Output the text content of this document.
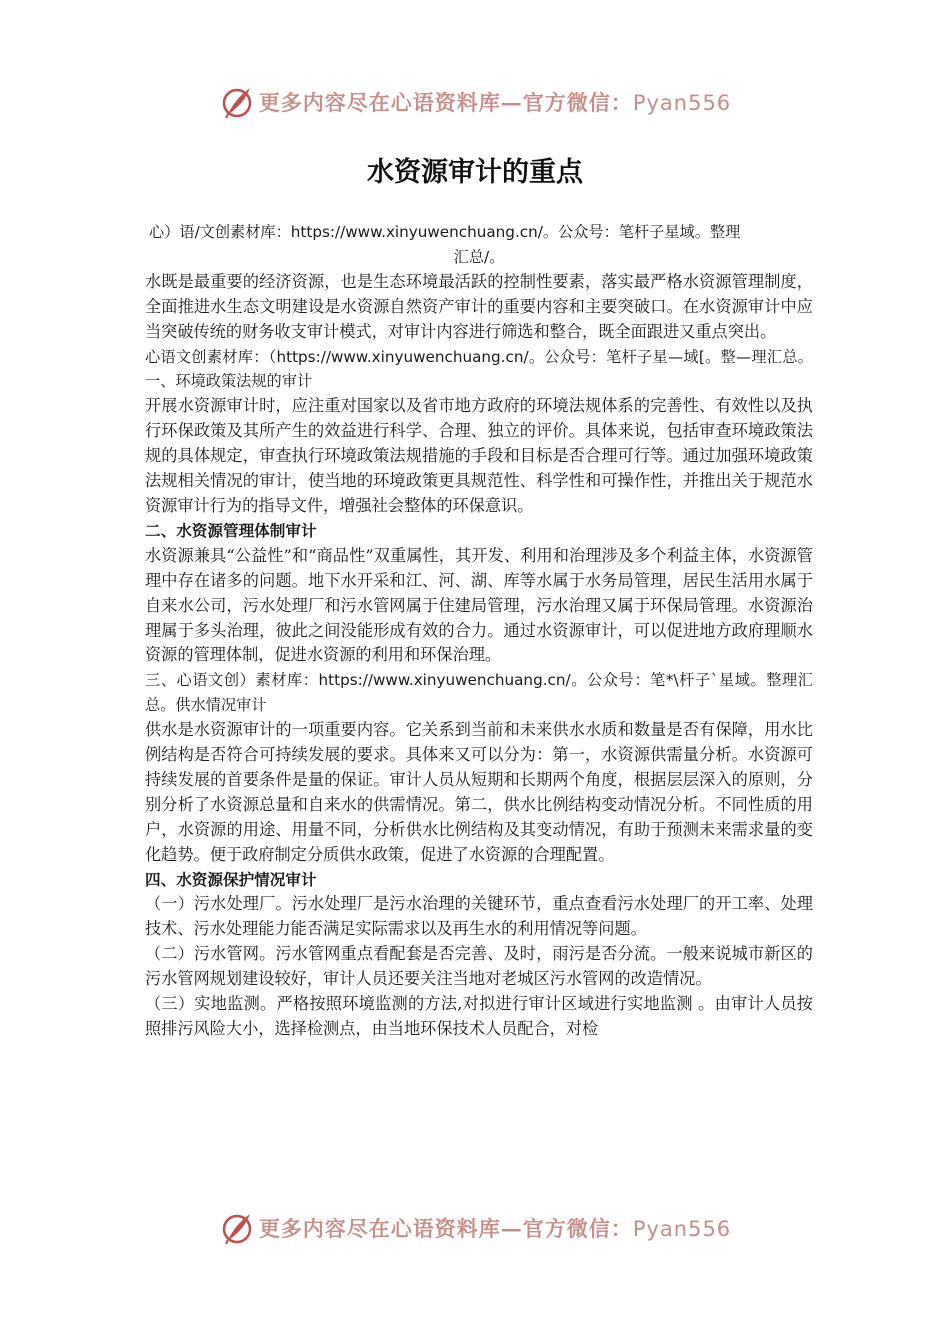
更多内容尽在心语资料库—官方微信：Pyan556
水资源审计的重点

心）语/文创素材库：https://www.xinyuwenchuang.cn/。公众号：笔杆子星域。整理

汇总/。

水既是最重要的经济资源，也是生态环境最活跃的控制性要素，落实最严格水资源管理制度，全面推进水生态文明建设是水资源自然资产审计的重要内容和主要突破口。在水资源审计中应当突破传统的财务收支审计模式，对审计内容进行筛选和整合，既全面跟进又重点突出。

心语文创素材库：（https://www.xinyuwenchuang.cn/。公众号：笔杆子星—域[。整—理汇总。一、环境政策法规的审计

开展水资源审计时，应注重对国家以及省市地方政府的环境法规体系的完善性、有效性以及执行环保政策及其所产生的效益进行科学、合理、独立的评价。具体来说，包括审查环境政策法规的具体规定，审查执行环境政策法规措施的手段和目标是否合理可行等。通过加强环境政策法规相关情况的审计，使当地的环境政策更具规范性、科学性和可操作性，并推出关于规范水资源审计行为的指导文件，增强社会整体的环保意识。

二、水资源管理体制审计

水资源兼具“公益性”和“商品性”双重属性，其开发、利用和治理涉及多个利益主体，水资源管理中存在诸多的问题。地下水开采和江、河、湖、库等水属于水务局管理，居民生活用水属于自来水公司，污水处理厂和污水管网属于住建局管理，污水治理又属于环保局管理。水资源治理属于多头治理，彼此之间没能形成有效的合力。通过水资源审计，可以促进地方政府理顺水资源的管理体制，促进水资源的利用和环保治理。

三、心语文创）素材库：https://www.xinyuwenchuang.cn/。公众号：笔*\杆子`星域。整理汇总。供水情况审计

供水是水资源审计的一项重要内容。它关系到当前和未来供水水质和数量是否有保障，用水比例结构是否符合可持续发展的要求。具体来又可以分为：第一，水资源供需量分析。水资源可持续发展的首要条件是量的保证。审计人员从短期和长期两个角度，根据层层深入的原则，分别分析了水资源总量和自来水的供需情况。第二，供水比例结构变动情况分析。不同性质的用户，水资源的用途、用量不同，分析供水比例结构及其变动情况，有助于预测未来需求量的变化趋势。便于政府制定分质供水政策，促进了水资源的合理配置。

四、水资源保护情况审计

（一）污水处理厂。污水处理厂是污水治理的关键环节，重点查看污水处理厂的开工率、处理技术、污水处理能力能否满足实际需求以及再生水的利用情况等问题。

（二）污水管网。污水管网重点看配套是否完善、及时，雨污是否分流。一般来说城市新区的污水管网规划建设较好，审计人员还要关注当地对老城区污水管网的改造情况。

（三）实地监测。严格按照环境监测的方法,对拟进行审计区域进行实地监测 。由审计人员按照排污风险大小，选择检测点，由当地环保技术人员配合，对检

更多内容尽在心语资料库—官方微信：Pyan556
